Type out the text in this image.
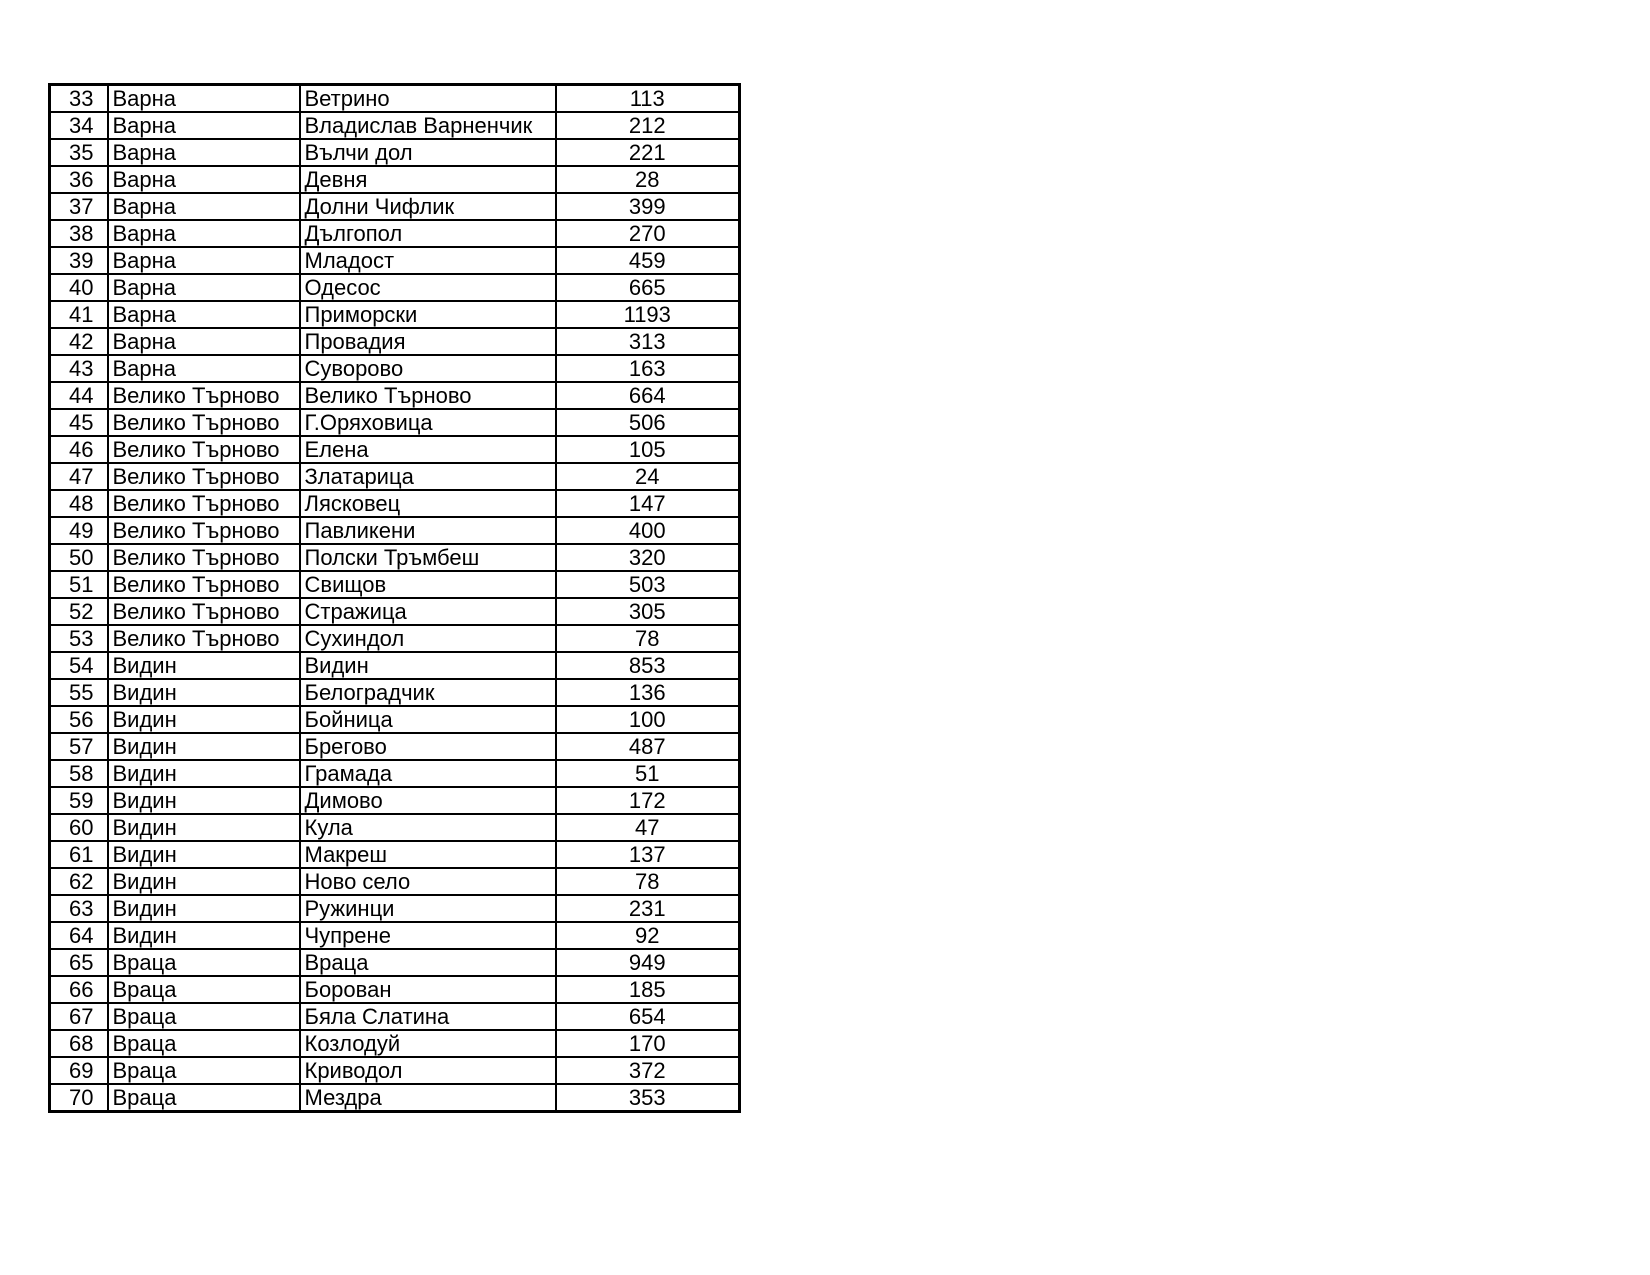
33	Варна	Ветрино	113
34	Варна	Владислав Варненчик	212
35	Варна	Вълчи дол	221
36	Варна	Девня	28
37	Варна	Долни Чифлик	399
38	Варна	Дългопол	270
39	Варна	Младост	459
40	Варна	Одесос	665
41	Варна	Приморски	1193
42	Варна	Провадия	313
43	Варна	Суворово	163
44	Велико Търново	Велико Търново	664
45	Велико Търново	Г.Оряховица	506
46	Велико Търново	Елена	105
47	Велико Търново	Златарица	24
48	Велико Търново	Лясковец	147
49	Велико Търново	Павликени	400
50	Велико Търново	Полски Тръмбеш	320
51	Велико Търново	Свищов	503
52	Велико Търново	Стражица	305
53	Велико Търново	Сухиндол	78
54	Видин	Видин	853
55	Видин	Белоградчик	136
56	Видин	Бойница	100
57	Видин	Брегово	487
58	Видин	Грамада	51
59	Видин	Димово	172
60	Видин	Кула	47
61	Видин	Макреш	137
62	Видин	Ново село	78
63	Видин	Ружинци	231
64	Видин	Чупрене	92
65	Враца	Враца	949
66	Враца	Борован	185
67	Враца	Бяла Слатина	654
68	Враца	Козлодуй	170
69	Враца	Криводол	372
70	Враца	Мездра	353
